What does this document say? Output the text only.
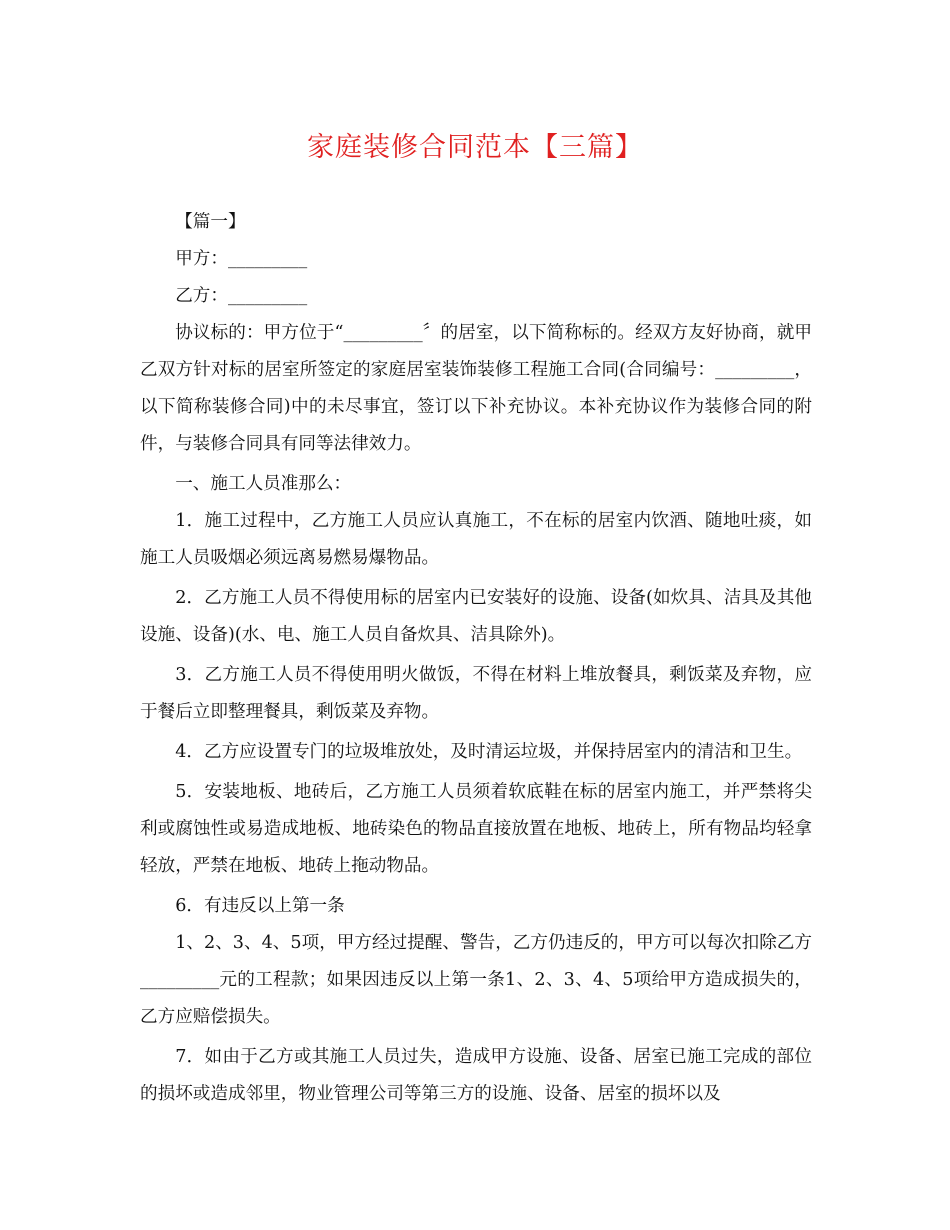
家庭装修合同范本【三篇】

【篇一】

甲方：_________

乙方：_________

协议标的：甲方位于“_________〞的居室，以下简称标的。经双方友好协商，就甲乙双方针对标的居室所签定的家庭居室装饰装修工程施工合同(合同编号：_________，以下简称装修合同)中的未尽事宜，签订以下补充协议。本补充协议作为装修合同的附件，与装修合同具有同等法律效力。

一、施工人员准那么：

1．施工过程中，乙方施工人员应认真施工，不在标的居室内饮酒、随地吐痰，如施工人员吸烟必须远离易燃易爆物品。

2．乙方施工人员不得使用标的居室内已安装好的设施、设备(如炊具、洁具及其他设施、设备)(水、电、施工人员自备炊具、洁具除外)。

3．乙方施工人员不得使用明火做饭，不得在材料上堆放餐具，剩饭菜及弃物，应于餐后立即整理餐具，剩饭菜及弃物。

4．乙方应设置专门的垃圾堆放处，及时清运垃圾，并保持居室内的清洁和卫生。

5．安装地板、地砖后，乙方施工人员须着软底鞋在标的居室内施工，并严禁将尖利或腐蚀性或易造成地板、地砖染色的物品直接放置在地板、地砖上，所有物品均轻拿轻放，严禁在地板、地砖上拖动物品。

6．有违反以上第一条

1、2、3、4、5项，甲方经过提醒、警告，乙方仍违反的，甲方可以每次扣除乙方_________元的工程款；如果因违反以上第一条1、2、3、4、5项给甲方造成损失的，乙方应赔偿损失。

7．如由于乙方或其施工人员过失，造成甲方设施、设备、居室已施工完成的部位的损坏或造成邻里，物业管理公司等第三方的设施、设备、居室的损坏以及
